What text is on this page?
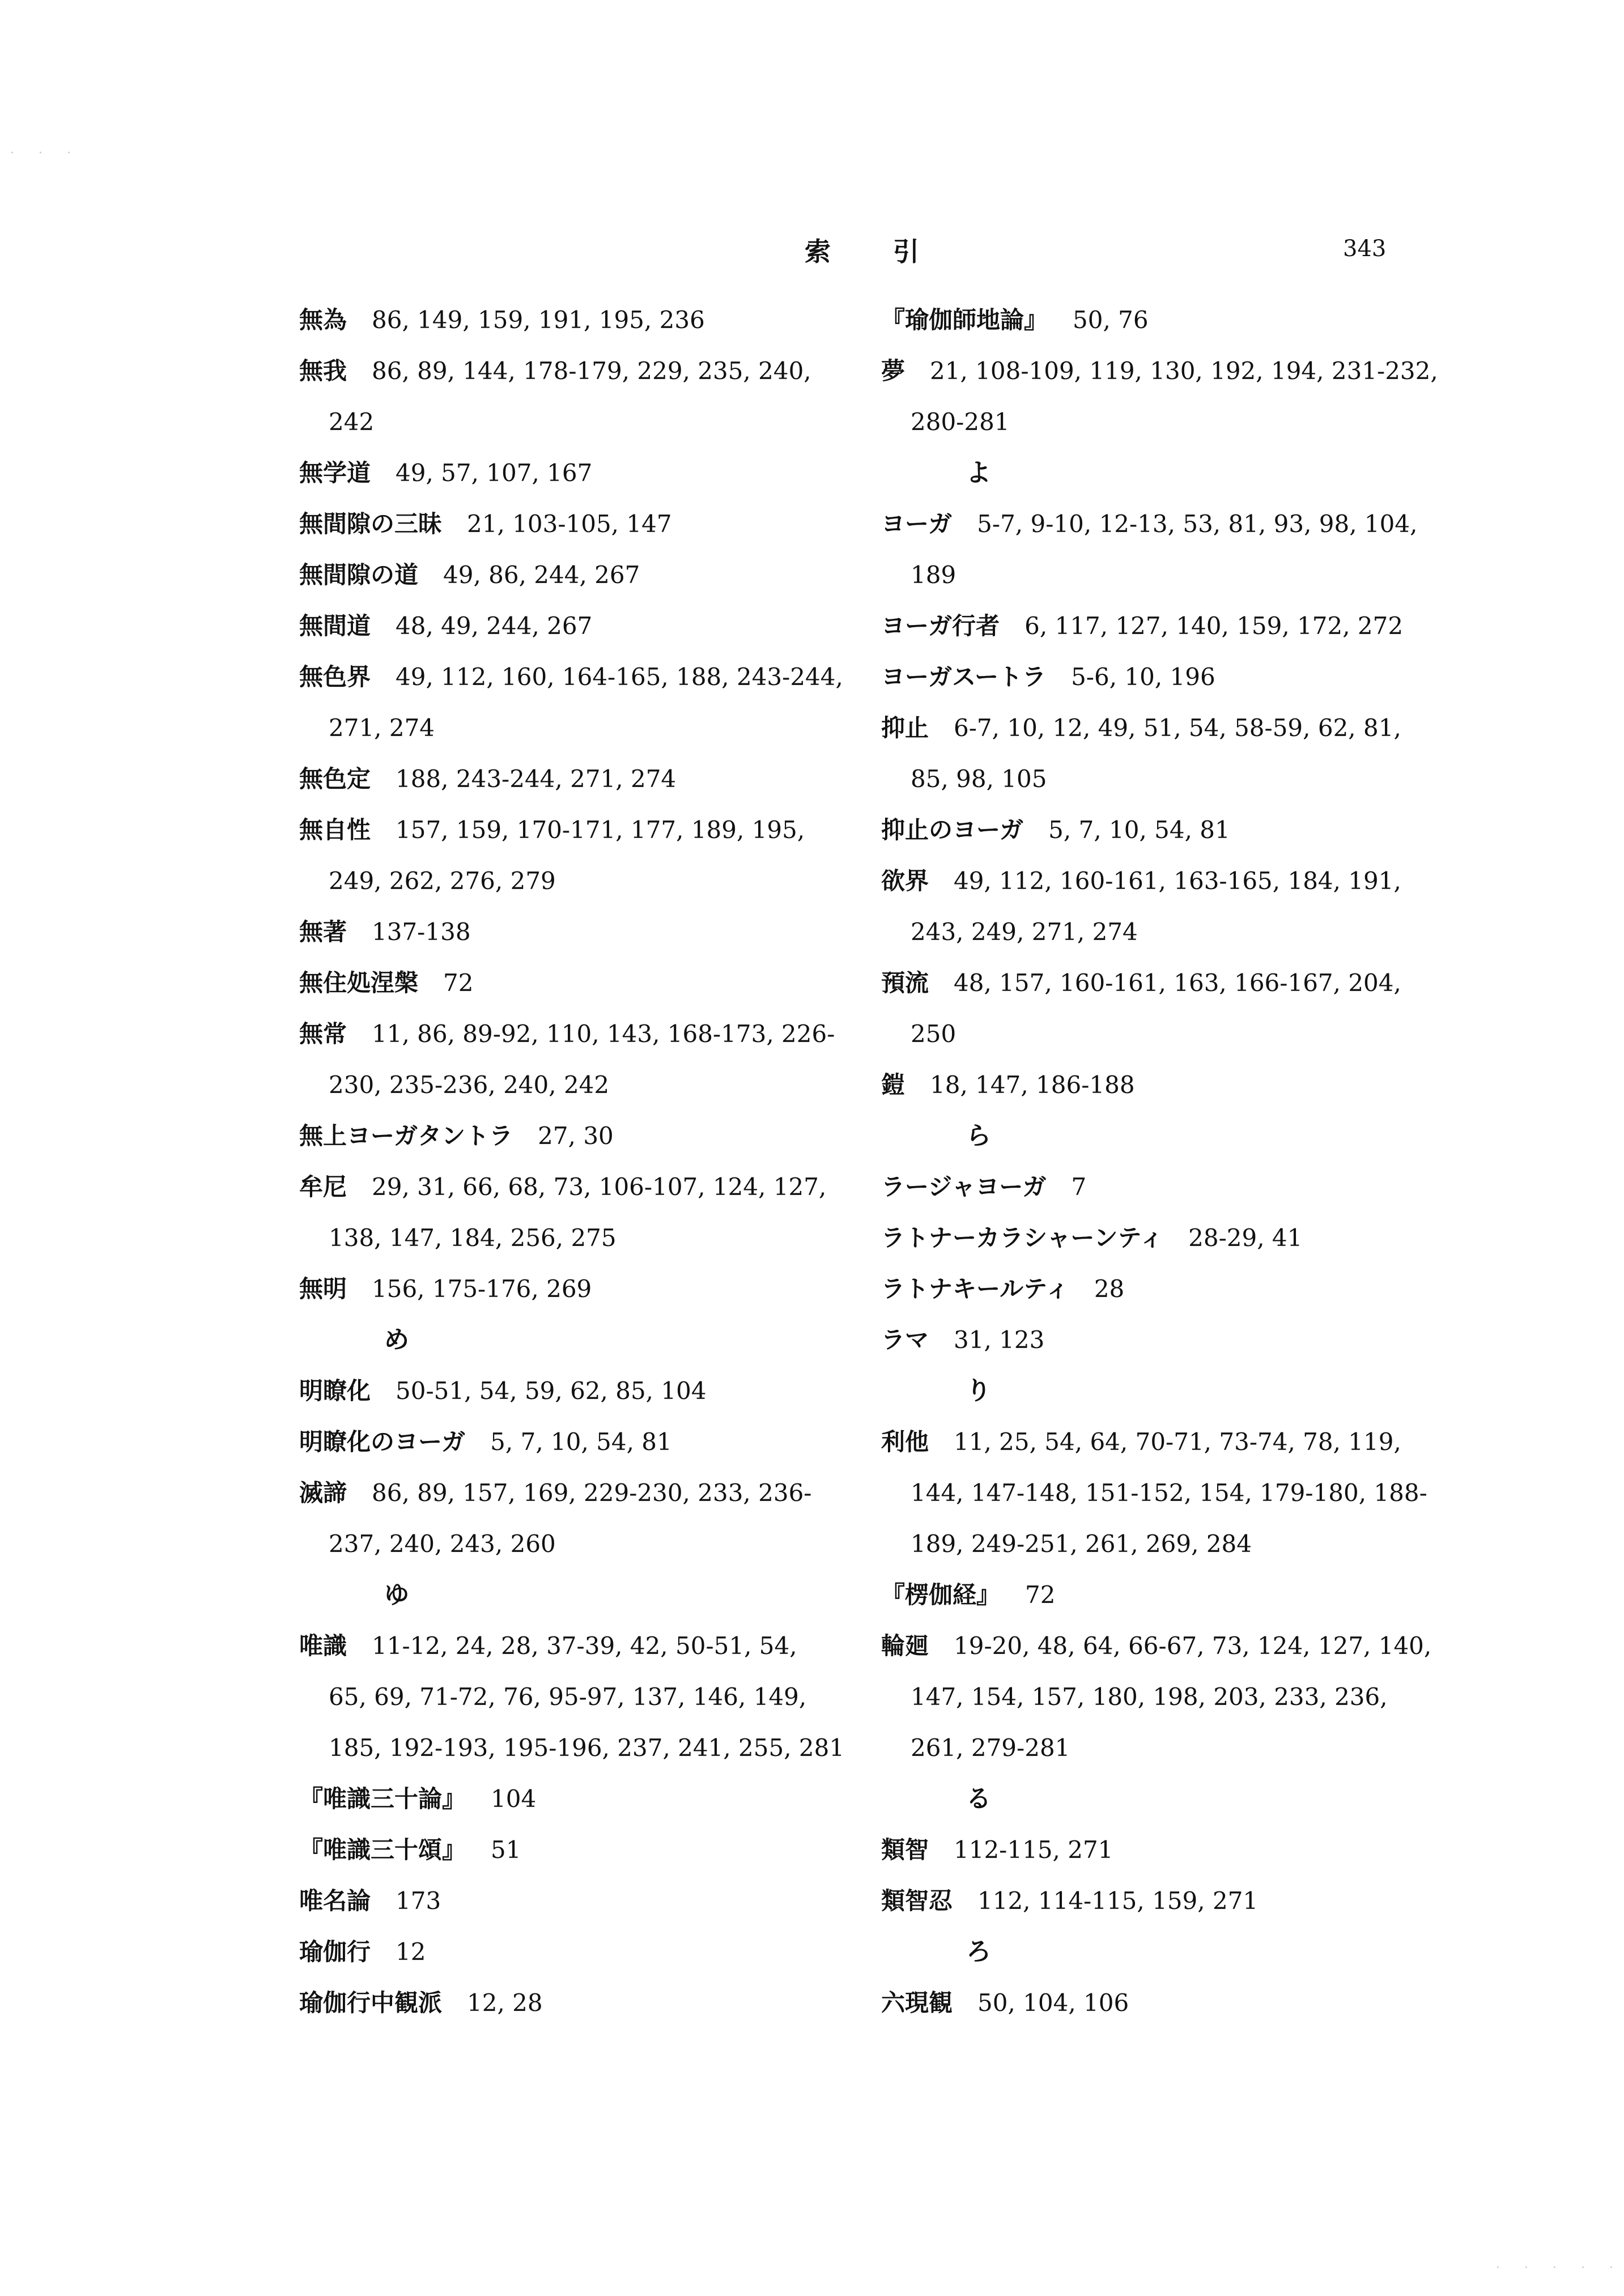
索引	343
無為 86, 149, 159, 191, 195, 236
無我 86, 89, 144, 178-179, 229, 235, 240,
242
無学道 49, 57, 107, 167
無間隙の三昧 21, 103-105, 147
無間隙の道 49, 86, 244, 267
無間道 48, 49, 244, 267
無色界 49, 112, 160, 164-165, 188, 243-244,
271, 274
無色定 188, 243-244, 271, 274
無自性 157, 159, 170-171, 177, 189, 195,
249, 262, 276, 279
無著 137-138
無住処涅槃 72
無常 11, 86, 89-92, 110, 143, 168-173, 226-
230, 235-236, 240, 242
無上ヨーガタントラ 27, 30
牟尼 29, 31, 66, 68, 73, 106-107, 124, 127,
138, 147, 184, 256, 275
無明 156, 175-176, 269
め
明瞭化 50-51, 54, 59, 62, 85, 104
明瞭化のヨーガ 5, 7, 10, 54, 81
滅諦 86, 89, 157, 169, 229-230, 233, 236-
237, 240, 243, 260
ゆ
唯識 11-12, 24, 28, 37-39, 42, 50-51, 54,
65, 69, 71-72, 76, 95-97, 137, 146, 149,
185, 192-193, 195-196, 237, 241, 255, 281
『唯識三十論』 104
『唯識三十頌』 51
唯名論 173
瑜伽行 12
瑜伽行中観派 12, 28
『瑜伽師地論』 50, 76
夢 21, 108-109, 119, 130, 192, 194, 231-232,
280-281
よ
ヨーガ 5-7, 9-10, 12-13, 53, 81, 93, 98, 104,
189
ヨーガ行者 6, 117, 127, 140, 159, 172, 272
ヨーガスートラ 5-6, 10, 196
抑止 6-7, 10, 12, 49, 51, 54, 58-59, 62, 81,
85, 98, 105
抑止のヨーガ 5, 7, 10, 54, 81
欲界 49, 112, 160-161, 163-165, 184, 191,
243, 249, 271, 274
預流 48, 157, 160-161, 163, 166-167, 204,
250
鎧 18, 147, 186-188
ら
ラージャヨーガ 7
ラトナーカラシャーンティ 28-29, 41
ラトナキールティ 28
ラマ 31, 123
り
利他 11, 25, 54, 64, 70-71, 73-74, 78, 119,
144, 147-148, 151-152, 154, 179-180, 188-
189, 249-251, 261, 269, 284
『楞伽経』 72
輪廻 19-20, 48, 64, 66-67, 73, 124, 127, 140,
147, 154, 157, 180, 198, 203, 233, 236,
261, 279-281
る
類智 112-115, 271
類智忍 112, 114-115, 159, 271
ろ
六現観 50, 104, 106
· · ·
· · · · ·
